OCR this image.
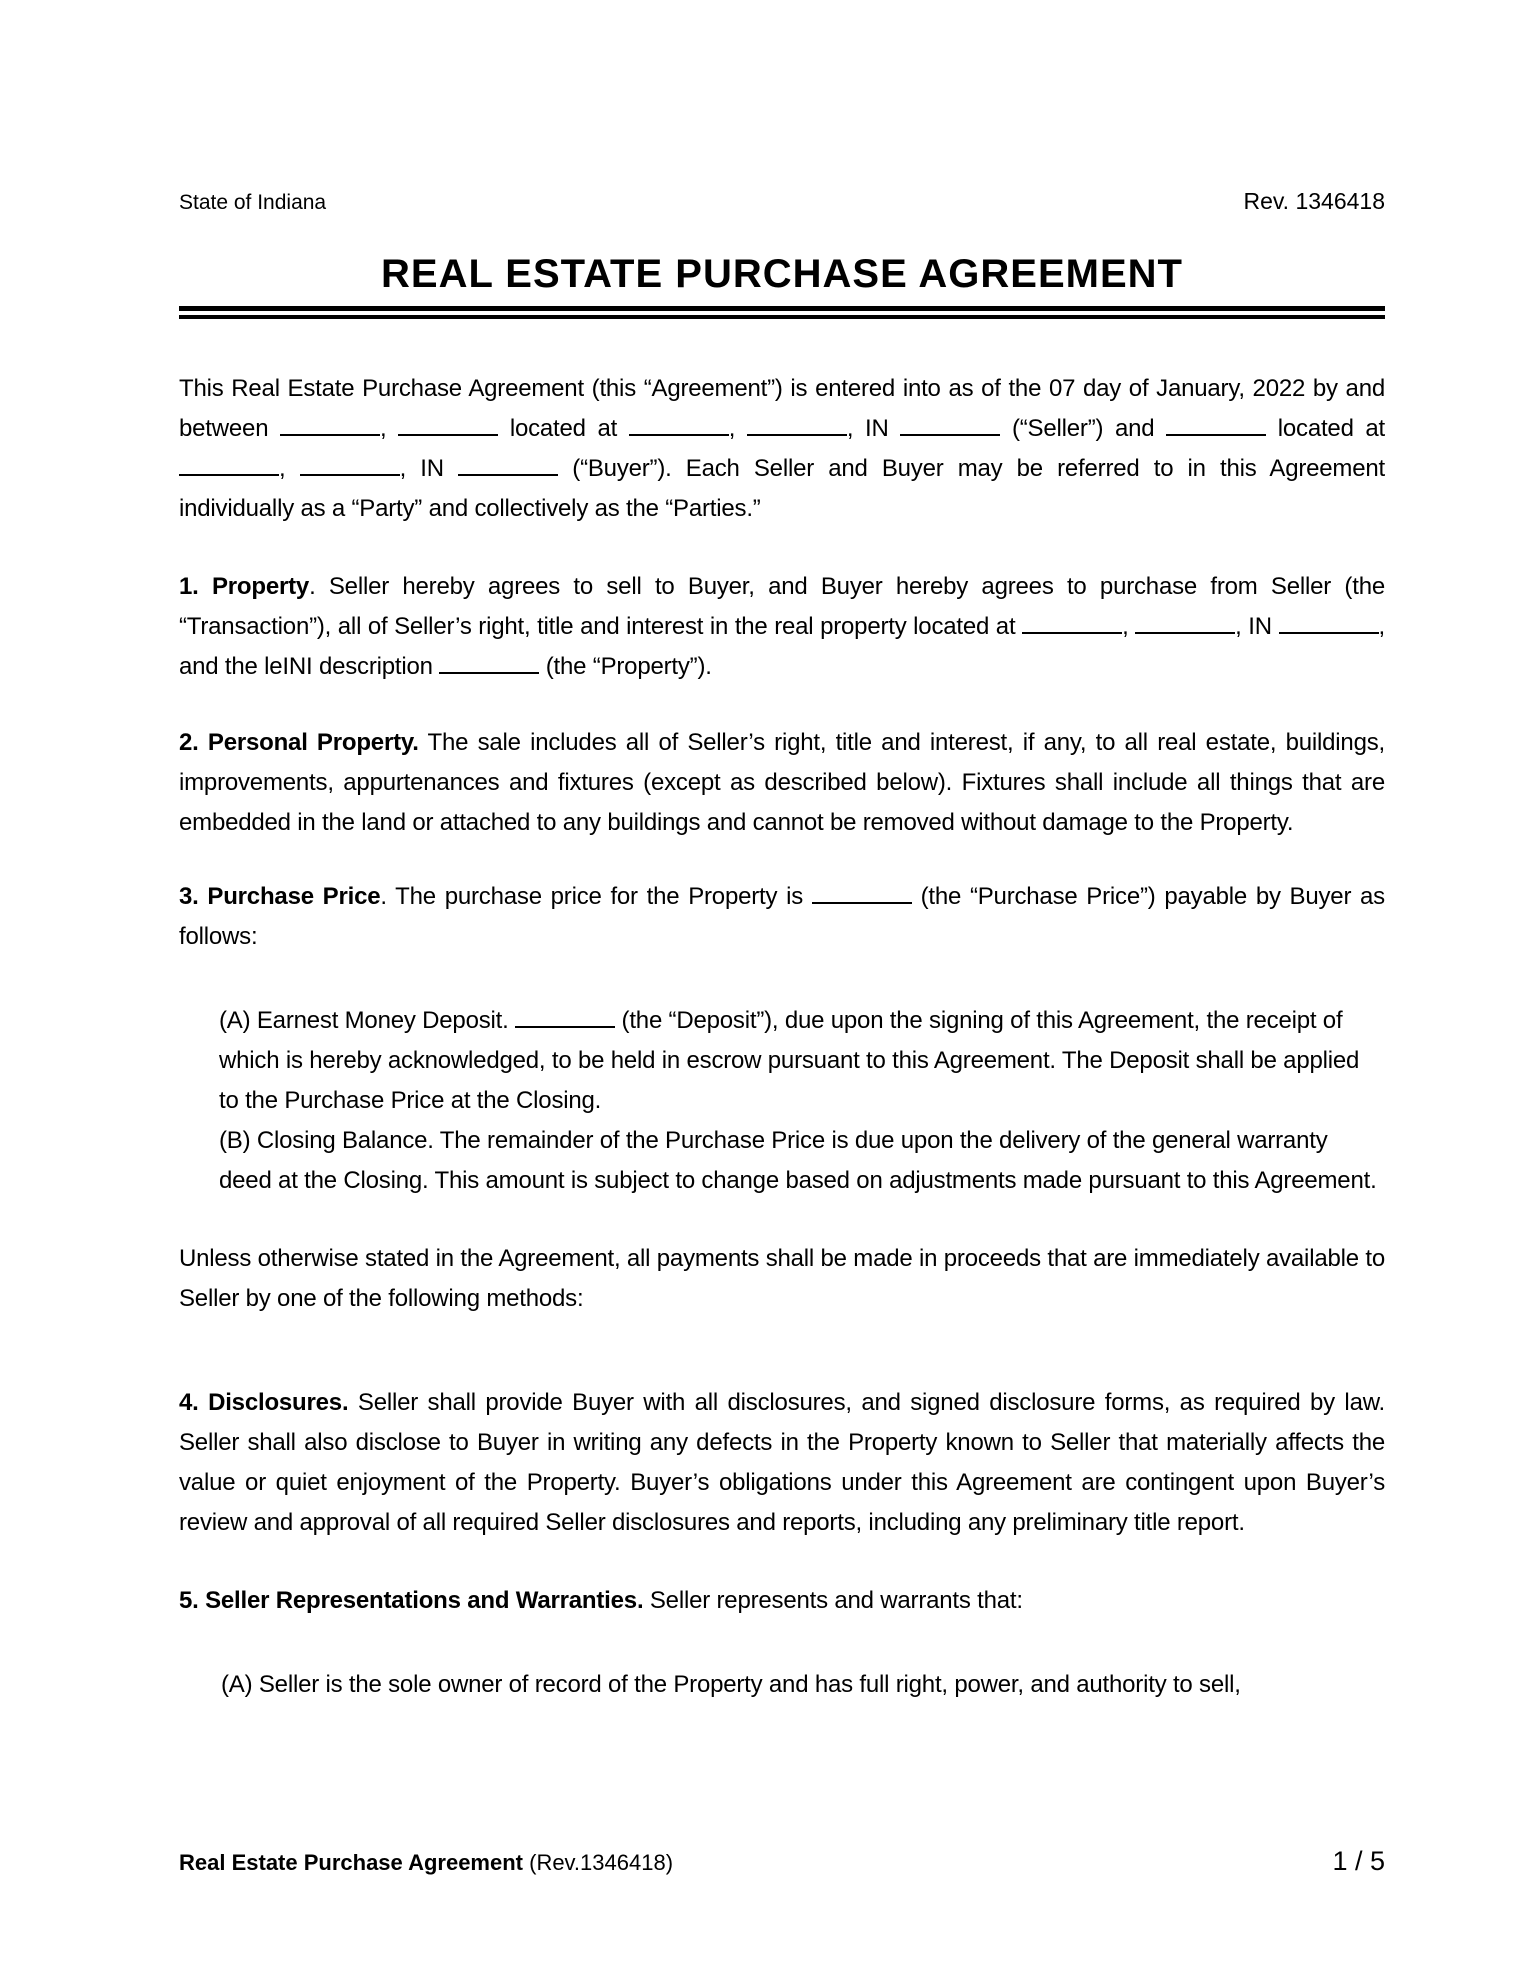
State of Indiana	Rev. 1346418
REAL ESTATE PURCHASE AGREEMENT

This Real Estate Purchase Agreement (this “Agreement”) is entered into as of the 07 day of January, 2022 by and between	,	located at	,	, IN	(“Seller”) and	located at ,	, IN	(“Buyer”). Each Seller and Buyer may be referred to in this Agreement individually as a “Party” and collectively as the “Parties.”

1. Property. Seller hereby agrees to sell to Buyer, and Buyer hereby agrees to purchase from Seller (the “Transaction”), all of Seller’s right, title and interest in the real property located at	,	, IN	, and the leINI description	(the “Property”).

2. Personal Property. The sale includes all of Seller’s right, title and interest, if any, to all real estate, buildings, improvements, appurtenances and fixtures (except as described below). Fixtures shall include all things that are embedded in the land or attached to any buildings and cannot be removed without damage to the Property.

3. Purchase Price. The purchase price for the Property is	(the “Purchase Price”) payable by Buyer as follows:

(A) Earnest Money Deposit.	(the “Deposit”), due upon the signing of this Agreement, the receipt of which is hereby acknowledged, to be held in escrow pursuant to this Agreement. The Deposit shall be applied to the Purchase Price at the Closing.

(B) Closing Balance. The remainder of the Purchase Price is due upon the delivery of the general warranty deed at the Closing. This amount is subject to change based on adjustments made pursuant to this Agreement.

Unless otherwise stated in the Agreement, all payments shall be made in proceeds that are immediately available to Seller by one of the following methods:

4. Disclosures. Seller shall provide Buyer with all disclosures, and signed disclosure forms, as required by law. Seller shall also disclose to Buyer in writing any defects in the Property known to Seller that materially affects the value or quiet enjoyment of the Property. Buyer’s obligations under this Agreement are contingent upon Buyer’s review and approval of all required Seller disclosures and reports, including any preliminary title report.

5. Seller Representations and Warranties. Seller represents and warrants that:

(A) Seller is the sole owner of record of the Property and has full right, power, and authority to sell,

Real Estate Purchase Agreement (Rev.1346418)	1 / 5
